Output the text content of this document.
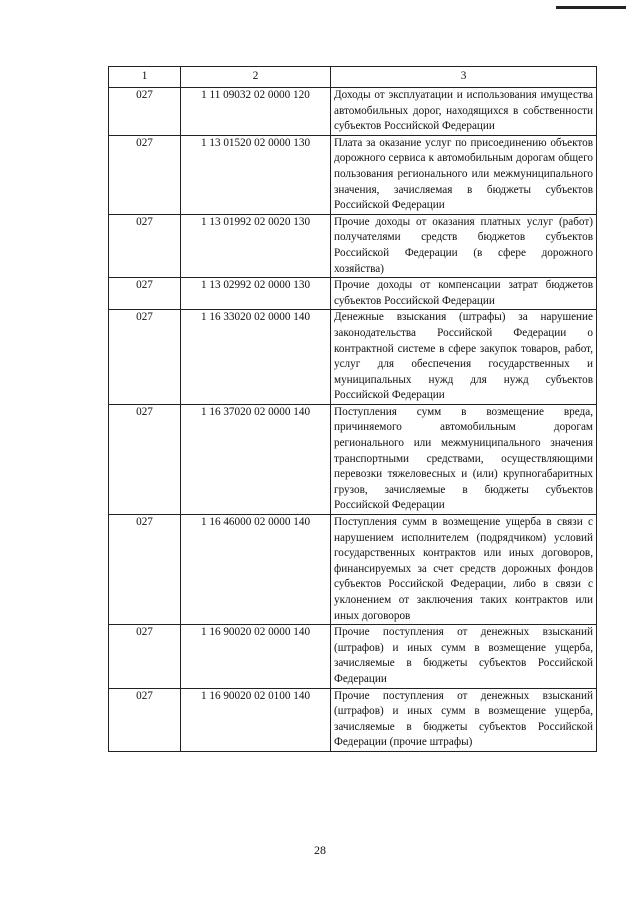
1	2	3
027	1 11 09032 02 0000 120	Доходы от эксплуатации и использования имущества автомобильных дорог, находящихся в собственности субъектов Российской Федерации
027	1 13 01520 02 0000 130	Плата за оказание услуг по присоединению объектов дорожного сервиса к автомобильным дорогам общего пользования регионального или межмуниципального значения, зачисляемая в бюджеты субъектов Российской Федерации
027	1 13 01992 02 0020 130	Прочие доходы от оказания платных услуг (работ) получателями средств бюджетов субъектов Российской Федерации (в сфере дорожного хозяйства)
027	1 13 02992 02 0000 130	Прочие доходы от компенсации затрат бюджетов субъектов Российской Федерации
027	1 16 33020 02 0000 140	Денежные взыскания (штрафы) за нарушение законодательства Российской Федерации о контрактной системе в сфере закупок товаров, работ, услуг для обеспечения государственных и муниципальных нужд для нужд субъектов Российской Федерации
027	1 16 37020 02 0000 140	Поступления сумм в возмещение вреда, причиняемого автомобильным дорогам регионального или межмуниципального значения транспортными средствами, осуществляющими перевозки тяжеловесных и (или) крупногабаритных грузов, зачисляемые в бюджеты субъектов Российской Федерации
027	1 16 46000 02 0000 140	Поступления сумм в возмещение ущерба в связи с нарушением исполнителем (подрядчиком) условий государственных контрактов или иных договоров, финансируемых за счет средств дорожных фондов субъектов Российской Федерации, либо в связи с уклонением от заключения таких контрактов или иных договоров
027	1 16 90020 02 0000 140	Прочие поступления от денежных взысканий (штрафов) и иных сумм в возмещение ущерба, зачисляемые в бюджеты субъектов Российской Федерации
027	1 16 90020 02 0100 140	Прочие поступления от денежных взысканий (штрафов) и иных сумм в возмещение ущерба, зачисляемые в бюджеты субъектов Российской Федерации (прочие штрафы)
28
